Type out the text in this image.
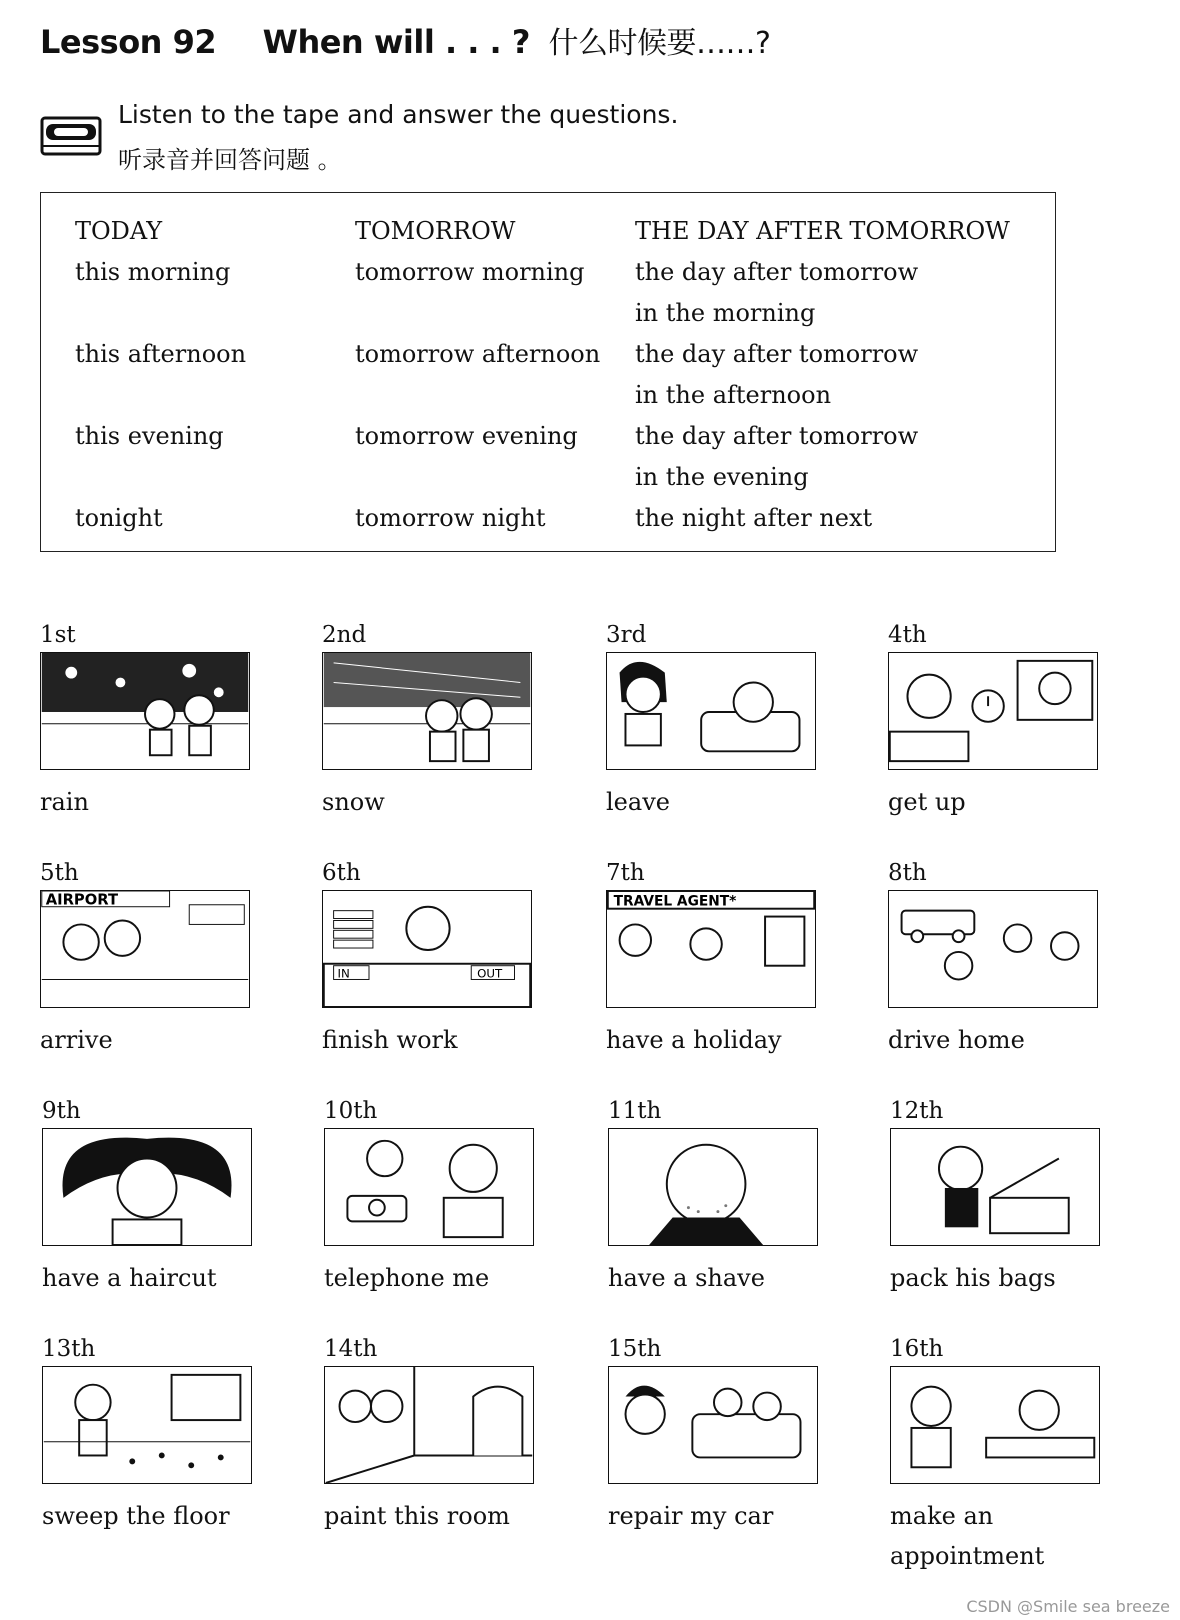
Lesson 92 When will . . . ? 什么时候要……?
Listen to the tape and answer the questions.
听录音并回答问题 。
TODAY
this morning
this afternoon
this evening
tonight
TOMORROW
tomorrow morning
tomorrow afternoon
tomorrow evening
tomorrow night
THE DAY AFTER TOMORROW
the day after tomorrow
in the morning
the day after tomorrow
in the afternoon
the day after tomorrow
in the evening
the night after next
1st
rain
2nd
snow
3rd
leave
4th
get up
5th
AIRPORT
arrive
6th
IN	OUT
finish work
7th
TRAVEL AGENT*
have a holiday
8th
drive home
9th
have a haircut
10th
telephone me
11th
have a shave
12th
pack his bags
13th
sweep the floor
14th
paint this room
15th
repair my car
16th
make an appointment
CSDN @Smile sea breeze
